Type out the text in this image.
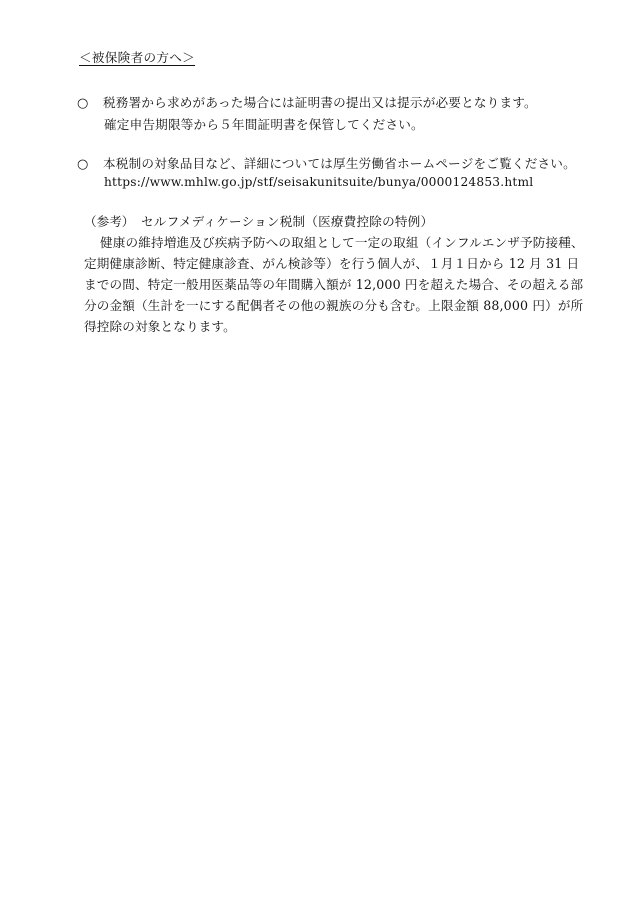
＜被保険者の方へ＞
○	税務署から求めがあった場合には証明書の提出又は提示が必要となります。
確定申告期限等から５年間証明書を保管してください。
○	本税制の対象品目など、詳細については厚生労働省ホームページをご覧ください。
https://www.mhlw.go.jp/stf/seisakunitsuite/bunya/0000124853.html
（参考） セルフメディケーション税制（医療費控除の特例）
健康の維持増進及び疾病予防への取組として一定の取組（インフルエンザ予防接種、
定期健康診断、特定健康診査、がん検診等）を行う個人が、１月１日から 12 月 31 日
までの間、特定一般用医薬品等の年間購入額が 12,000 円を超えた場合、その超える部
分の金額（生計を一にする配偶者その他の親族の分も含む。上限金額 88,000 円）が所
得控除の対象となります。
